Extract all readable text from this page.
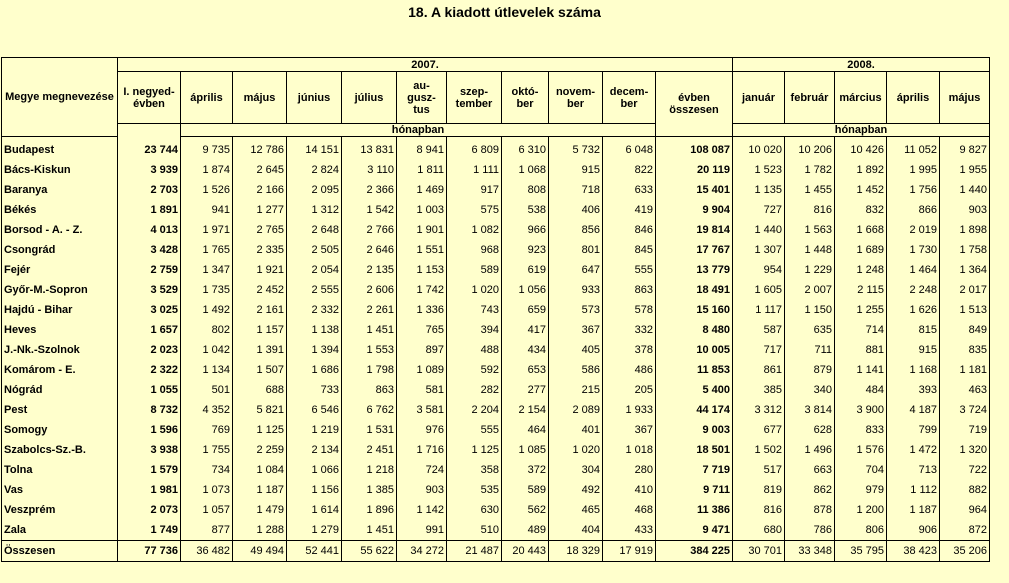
18. A kiadott útlevelek száma
Megye megnevezése	2007.											2008.				
	I. negyed-évben	április	május	június	július	au-gusz-tus	szep-tember	októ-ber	novem-ber	decem-ber	évben összesen	január	február	március	április	május
		hónapban										hónapban				

Budapest	23 744	9 735	12 786	14 151	13 831	8 941	6 809	6 310	5 732	6 048	108 087	10 020	10 206	10 426	11 052	9 827
Bács-Kiskun	3 939	1 874	2 645	2 824	3 110	1 811	1 111	1 068	915	822	20 119	1 523	1 782	1 892	1 995	1 955
Baranya	2 703	1 526	2 166	2 095	2 366	1 469	917	808	718	633	15 401	1 135	1 455	1 452	1 756	1 440
Békés	1 891	941	1 277	1 312	1 542	1 003	575	538	406	419	9 904	727	816	832	866	903
Borsod - A. - Z.	4 013	1 971	2 765	2 648	2 766	1 901	1 082	966	856	846	19 814	1 440	1 563	1 668	2 019	1 898
Csongrád	3 428	1 765	2 335	2 505	2 646	1 551	968	923	801	845	17 767	1 307	1 448	1 689	1 730	1 758
Fejér	2 759	1 347	1 921	2 054	2 135	1 153	589	619	647	555	13 779	954	1 229	1 248	1 464	1 364
Győr-M.-Sopron	3 529	1 735	2 452	2 555	2 606	1 742	1 020	1 056	933	863	18 491	1 605	2 007	2 115	2 248	2 017
Hajdú - Bihar	3 025	1 492	2 161	2 332	2 261	1 336	743	659	573	578	15 160	1 117	1 150	1 255	1 626	1 513
Heves	1 657	802	1 157	1 138	1 451	765	394	417	367	332	8 480	587	635	714	815	849
J.-Nk.-Szolnok	2 023	1 042	1 391	1 394	1 553	897	488	434	405	378	10 005	717	711	881	915	835
Komárom - E.	2 322	1 134	1 507	1 686	1 798	1 089	592	653	586	486	11 853	861	879	1 141	1 168	1 181
Nógrád	1 055	501	688	733	863	581	282	277	215	205	5 400	385	340	484	393	463
Pest	8 732	4 352	5 821	6 546	6 762	3 581	2 204	2 154	2 089	1 933	44 174	3 312	3 814	3 900	4 187	3 724
Somogy	1 596	769	1 125	1 219	1 531	976	555	464	401	367	9 003	677	628	833	799	719
Szabolcs-Sz.-B.	3 938	1 755	2 259	2 134	2 451	1 716	1 125	1 085	1 020	1 018	18 501	1 502	1 496	1 576	1 472	1 320
Tolna	1 579	734	1 084	1 066	1 218	724	358	372	304	280	7 719	517	663	704	713	722
Vas	1 981	1 073	1 187	1 156	1 385	903	535	589	492	410	9 711	819	862	979	1 112	882
Veszprém	2 073	1 057	1 479	1 614	1 896	1 142	630	562	465	468	11 386	816	878	1 200	1 187	964
Zala	1 749	877	1 288	1 279	1 451	991	510	489	404	433	9 471	680	786	806	906	872
Összesen	77 736	36 482	49 494	52 441	55 622	34 272	21 487	20 443	18 329	17 919	384 225	30 701	33 348	35 795	38 423	35 206
